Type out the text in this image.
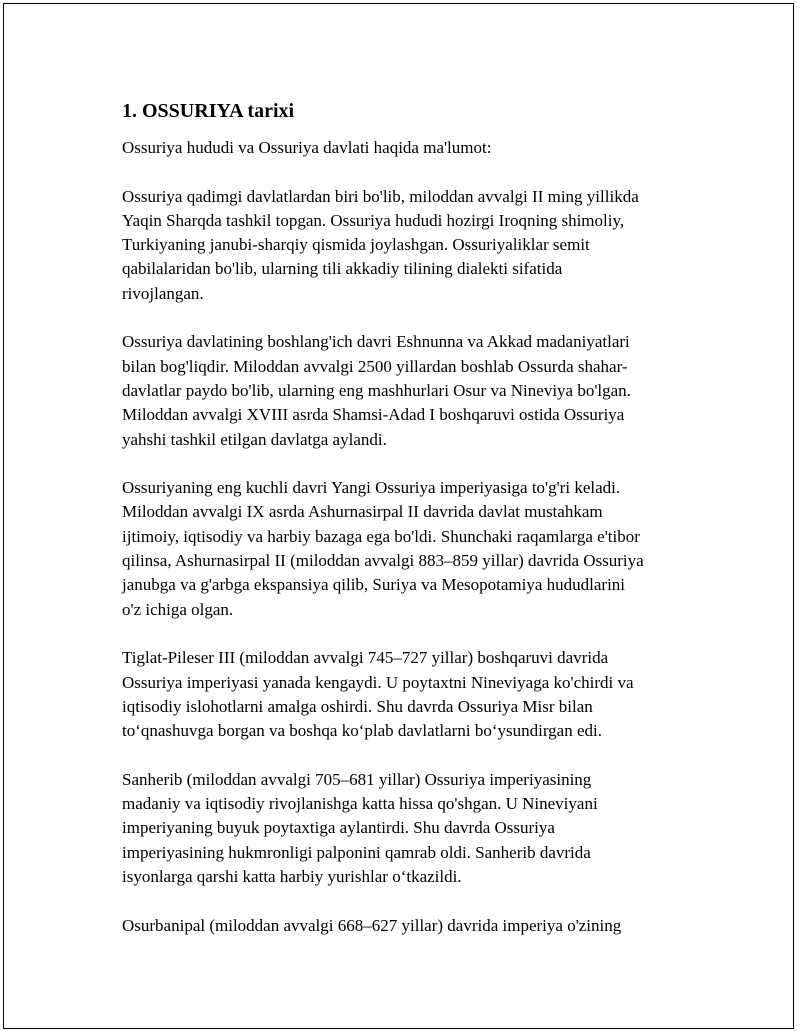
1. OSSURIYA tarixi
Ossuriya hududi va Ossuriya davlati haqida ma'lumot:
Ossuriya qadimgi davlatlardan biri bo'lib, miloddan avvalgi II ming yillikda
Yaqin Sharqda tashkil topgan. Ossuriya hududi hozirgi Iroqning shimoliy,
Turkiyaning janubi-sharqiy qismida joylashgan. Ossuriyaliklar semit
qabilalaridan bo'lib, ularning tili akkadiy tilining dialekti sifatida
rivojlangan.
Ossuriya davlatining boshlang'ich davri Eshnunna va Akkad madaniyatlari
bilan bog'liqdir. Miloddan avvalgi 2500 yillardan boshlab Ossurda shahar-
davlatlar paydo bo'lib, ularning eng mashhurlari Osur va Nineviya bo'lgan.
Miloddan avvalgi XVIII asrda Shamsi-Adad I boshqaruvi ostida Ossuriya
yahshi tashkil etilgan davlatga aylandi.
Ossuriyaning eng kuchli davri Yangi Ossuriya imperiyasiga to'g'ri keladi.
Miloddan avvalgi IX asrda Ashurnasirpal II davrida davlat mustahkam
ijtimoiy, iqtisodiy va harbiy bazaga ega bo'ldi. Shunchaki raqamlarga e'tibor
qilinsa, Ashurnasirpal II (miloddan avvalgi 883–859 yillar) davrida Ossuriya
janubga va g'arbga ekspansiya qilib, Suriya va Mesopotamiya hududlarini
o'z ichiga olgan.
Tiglat-Pileser III (miloddan avvalgi 745–727 yillar) boshqaruvi davrida
Ossuriya imperiyasi yanada kengaydi. U poytaxtni Nineviyaga ko'chirdi va
iqtisodiy islohotlarni amalga oshirdi. Shu davrda Ossuriya Misr bilan
to‘qnashuvga borgan va boshqa ko‘plab davlatlarni bo‘ysundirgan edi.
Sanherib (miloddan avvalgi 705–681 yillar) Ossuriya imperiyasining
madaniy va iqtisodiy rivojlanishga katta hissa qo'shgan. U Nineviyani
imperiyaning buyuk poytaxtiga aylantirdi. Shu davrda Ossuriya
imperiyasining hukmronligi palponini qamrab oldi. Sanherib davrida
isyonlarga qarshi katta harbiy yurishlar o‘tkazildi.
Osurbanipal (miloddan avvalgi 668–627 yillar) davrida imperiya o'zining
